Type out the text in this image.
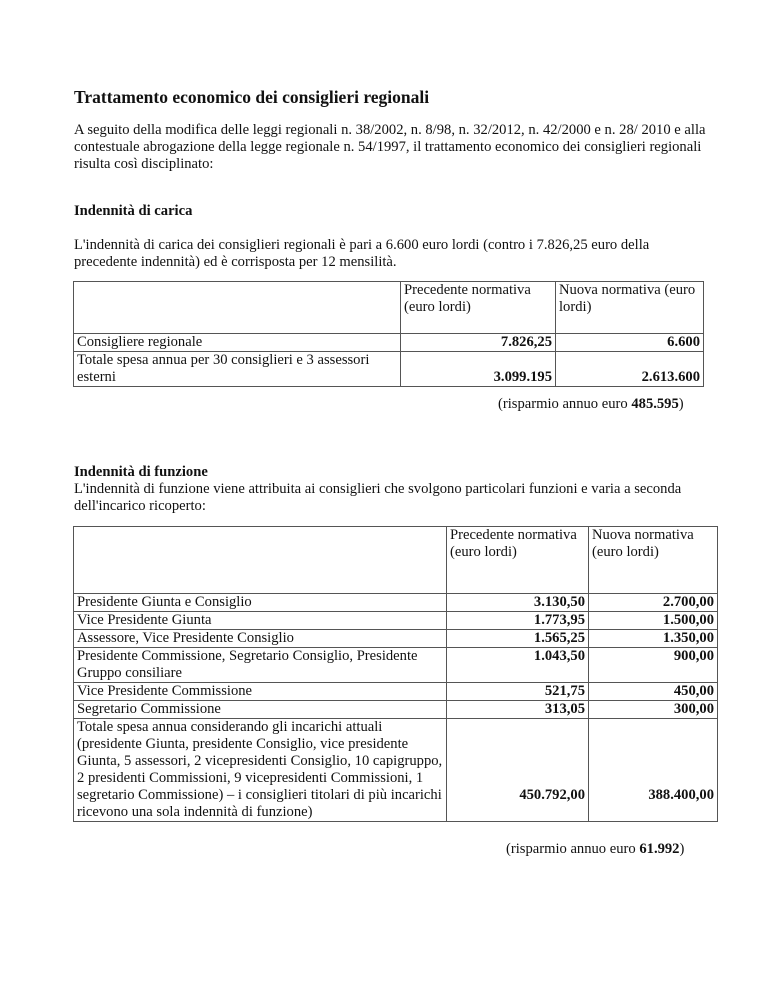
Trattamento economico dei consiglieri regionali

A seguito della modifica delle leggi regionali n. 38/2002, n. 8/98, n. 32/2012, n. 42/2000 e n. 28/ 2010 e alla contestuale abrogazione della legge regionale n. 54/1997, il trattamento economico dei consiglieri regionali risulta così disciplinato:

Indennità di carica

L'indennità di carica dei consiglieri regionali è pari a 6.600 euro lordi (contro i 7.826,25 euro della precedente indennità) ed è corrisposta per 12 mensilità.

	Precedente normativa (euro lordi)	Nuova normativa (euro lordi)
Consigliere regionale	7.826,25	6.600
Totale spesa annua per 30 consiglieri e 3 assessori esterni	3.099.195	2.613.600
(risparmio annuo euro 485.595)

Indennità di funzione

L'indennità di funzione viene attribuita ai consiglieri che svolgono particolari funzioni e varia a seconda dell'incarico ricoperto:

	Precedente normativa (euro lordi)	Nuova normativa (euro lordi)
Presidente Giunta e Consiglio	3.130,50	2.700,00
Vice Presidente Giunta	1.773,95	1.500,00
Assessore, Vice Presidente Consiglio	1.565,25	1.350,00
Presidente Commissione, Segretario Consiglio, Presidente Gruppo consiliare	1.043,50	900,00
Vice Presidente Commissione	521,75	450,00
Segretario Commissione	313,05	300,00
Totale spesa annua considerando gli incarichi attuali (presidente Giunta, presidente Consiglio, vice presidente Giunta, 5 assessori, 2 vicepresidenti Consiglio, 10 capigruppo, 2 presidenti Commissioni, 9 vicepresidenti Commissioni, 1 segretario Commissione) – i consiglieri titolari di più incarichi ricevono una sola indennità di funzione)	450.792,00	388.400,00
(risparmio annuo euro 61.992)
